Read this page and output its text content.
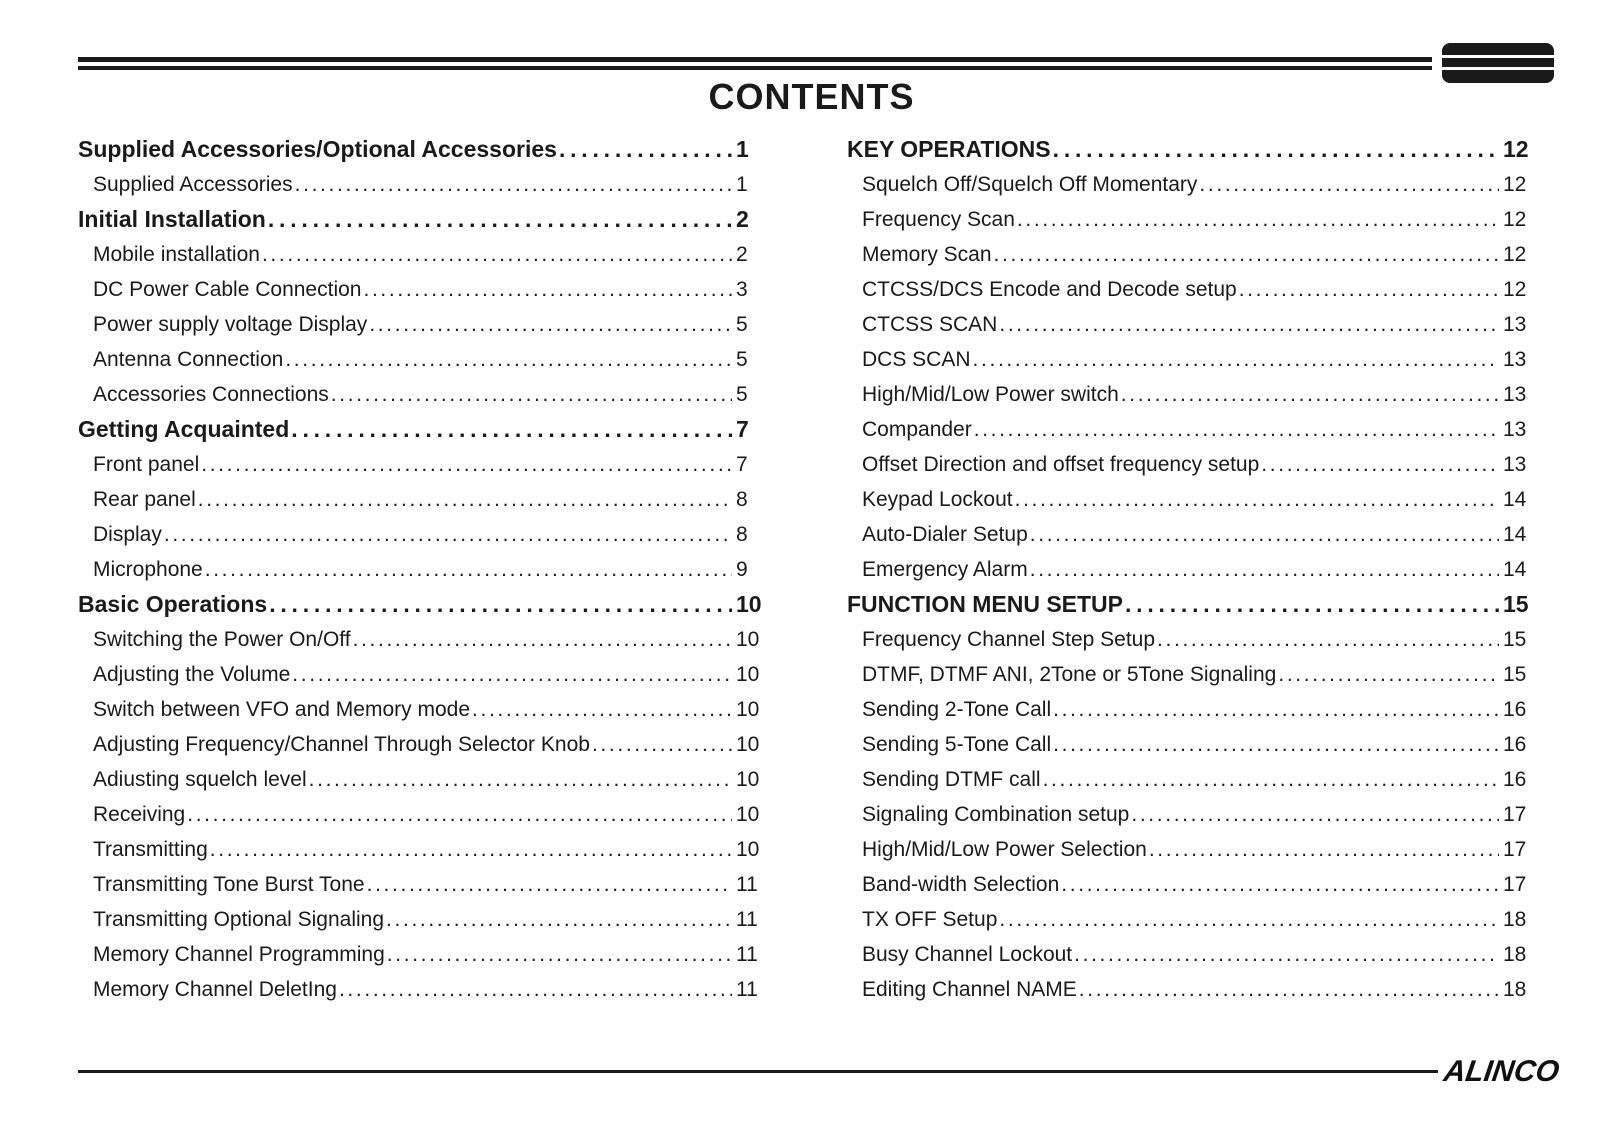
CONTENTS
Supplied Accessories/Optional Accessories . . .	1
Supplied Accessories . . .	1
Initial Installation . . .	2
Mobile installation . . .	2
DC Power Cable Connection . . .	3
Power supply voltage Display . . .	5
Antenna Connection . . .	5
Accessories Connections . . .	5
Getting Acquainted . . .	7
Front panel . . .	7
Rear panel . . .	8
Display . . .	8
Microphone . . .	9
Basic Operations . . .	10
Switching the Power On/Off . . .	10
Adjusting the Volume . . .	10
Switch between VFO and Memory mode . . .	10
Adjusting Frequency/Channel Through Selector Knob . . .	10
Adiusting squelch level . . .	10
Receiving . . .	10
Transmitting . . .	10
Transmitting Tone Burst Tone . . .	11
Transmitting Optional Signaling . . .	11
Memory Channel Programming . . .	11
Memory Channel DeletIng . . .	11
KEY OPERATIONS . . .	12
Squelch Off/Squelch Off Momentary . . .	12
Frequency Scan . . .	12
Memory Scan . . .	12
CTCSS/DCS Encode and Decode setup . . .	12
CTCSS SCAN . . .	13
DCS SCAN . . .	13
High/Mid/Low Power switch . . .	13
Compander . . .	13
Offset Direction and offset frequency setup . . .	13
Keypad Lockout . . .	14
Auto-Dialer Setup . . .	14
Emergency Alarm . . .	14
FUNCTION MENU SETUP . . .	15
Frequency Channel Step Setup . . .	15
DTMF, DTMF ANI, 2Tone or 5Tone Signaling . . .	15
Sending 2-Tone Call . . .	16
Sending 5-Tone Call . . .	16
Sending DTMF call . . .	16
Signaling Combination setup . . .	17
High/Mid/Low Power Selection . . .	17
Band-width Selection . . .	17
TX OFF Setup . . .	18
Busy Channel Lockout . . .	18
Editing Channel NAME . . .	18
ALINCO
